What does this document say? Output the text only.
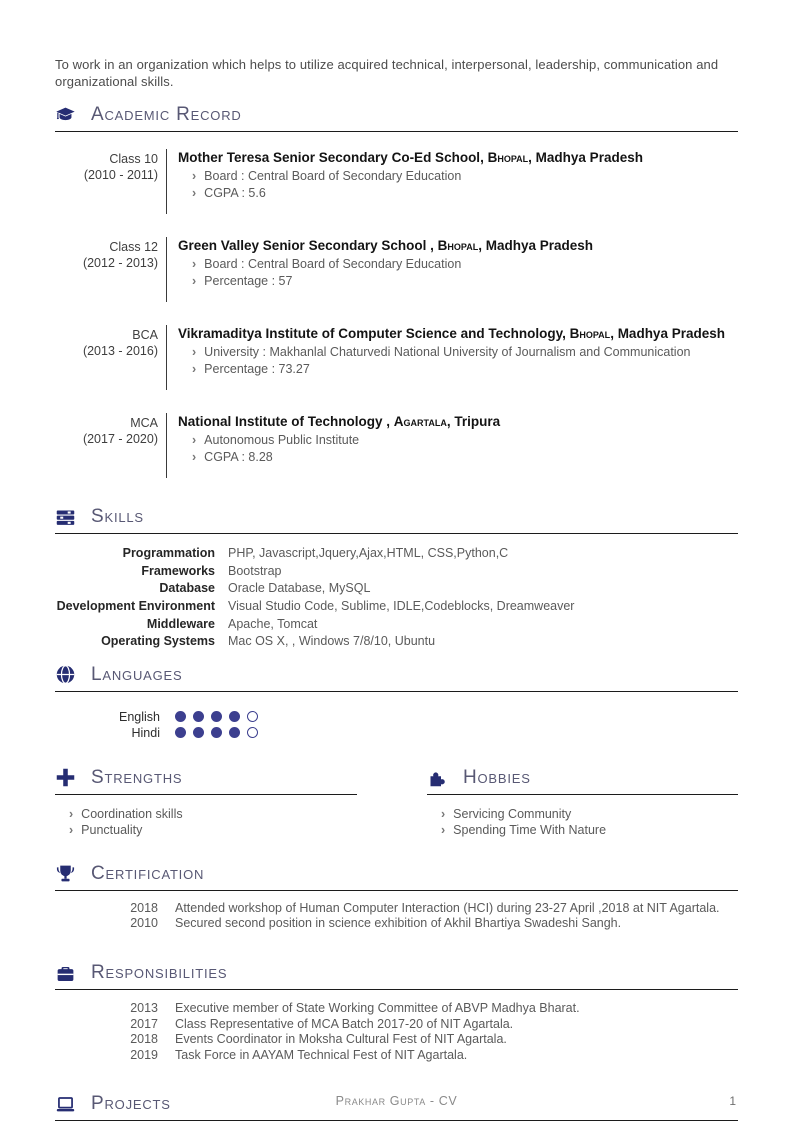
To work in an organization which helps to utilize acquired technical, interpersonal, leadership, communication and organizational skills.

Academic Record
Class 10
(2010 - 2011)
Mother Teresa Senior Secondary Co-Ed School, Bhopal, Madhya Pradesh
› Board : Central Board of Secondary Education
› CGPA : 5.6
Class 12
(2012 - 2013)
Green Valley Senior Secondary School , Bhopal, Madhya Pradesh
› Board : Central Board of Secondary Education
› Percentage : 57
BCA
(2013 - 2016)
Vikramaditya Institute of Computer Science and Technology, Bhopal, Madhya Pradesh
› University : Makhanlal Chaturvedi National University of Journalism and Communication
› Percentage : 73.27
MCA
(2017 - 2020)
National Institute of Technology , Agartala, Tripura
› Autonomous Public Institute
› CGPA : 8.28
Skills
Programmation PHP, Javascript,Jquery,Ajax,HTML, CSS,Python,C
Frameworks Bootstrap
Database Oracle Database, MySQL
Development Environment Visual Studio Code, Sublime, IDLE,Codeblocks, Dreamweaver
Middleware Apache, Tomcat
Operating Systems Mac OS X, , Windows 7/8/10, Ubuntu
Languages
English
Hindi
Strengths
› Coordination skills
› Punctuality
Hobbies
› Servicing Community
› Spending Time With Nature
Certification
2018 Attended workshop of Human Computer Interaction (HCI) during 23-27 April ,2018 at NIT Agartala.
2010 Secured second position in science exhibition of Akhil Bhartiya Swadeshi Sangh.
Responsibilities
2013 Executive member of State Working Committee of ABVP Madhya Bharat.
2017 Class Representative of MCA Batch 2017-20 of NIT Agartala.
2018 Events Coordinator in Moksha Cultural Fest of NIT Agartala.
2019 Task Force in AAYAM Technical Fest of NIT Agartala.
Projects	Prakhar Gupta - CV	1
